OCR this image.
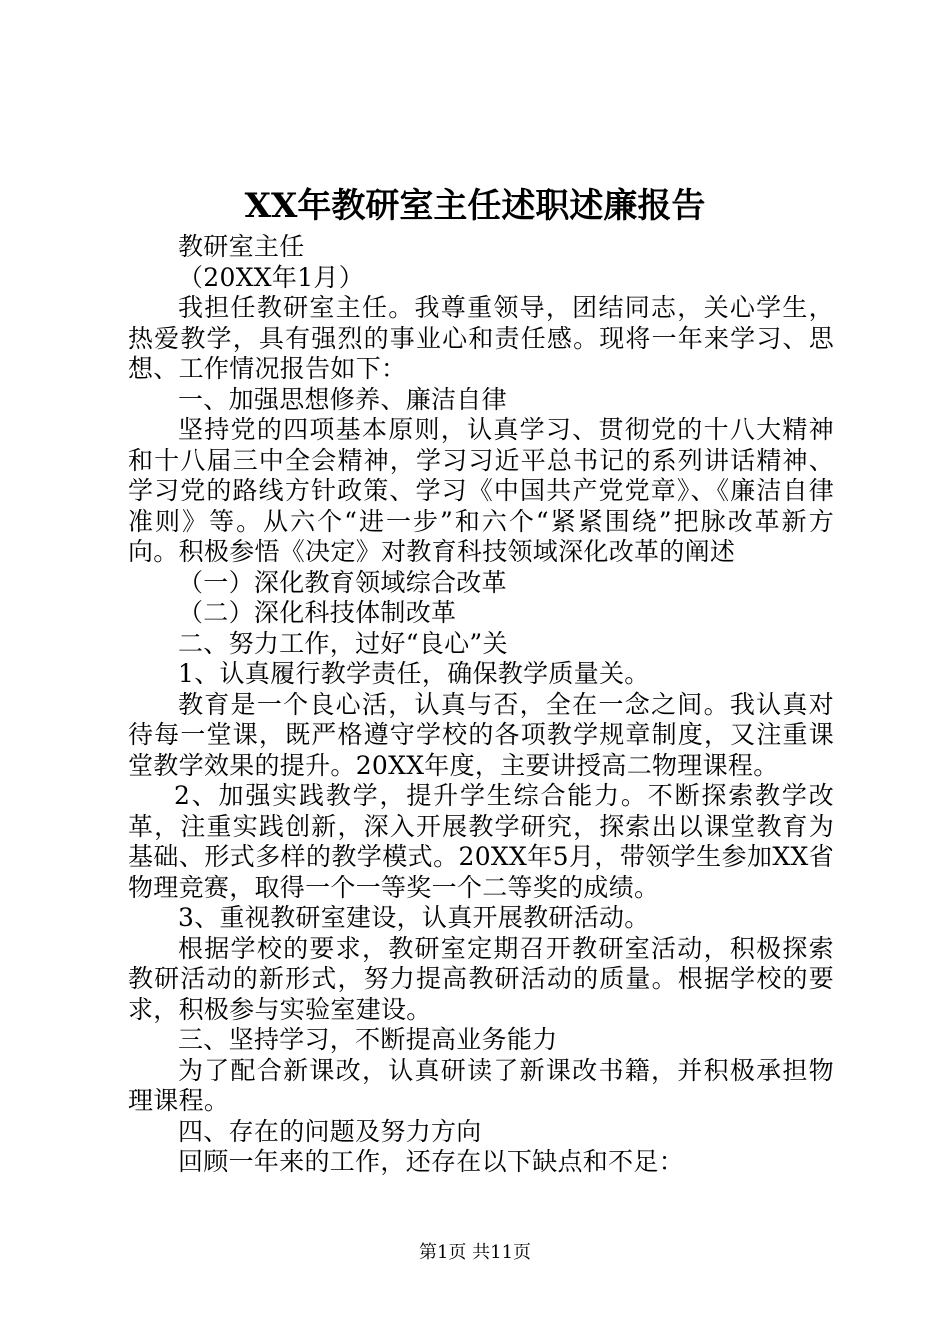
XX年教研室主任述职述廉报告

教研室主任

（20XX年1月）

我担任教研室主任。我尊重领导，团结同志，关心学生，热爱教学，具有强烈的事业心和责任感。现将一年来学习、思想、工作情况报告如下：

一、加强思想修养、廉洁自律

坚持党的四项基本原则，认真学习、贯彻党的十八大精神和十八届三中全会精神，学习习近平总书记的系列讲话精神、学习党的路线方针政策、学习《中国共产党党章》、《廉洁自律准则》等。从六个“进一步”和六个“紧紧围绕”把脉改革新方向。积极参悟《决定》对教育科技领域深化改革的阐述

（一）深化教育领域综合改革

（二）深化科技体制改革

二、努力工作，过好“良心”关

1、认真履行教学责任，确保教学质量关。

教育是一个良心活，认真与否，全在一念之间。我认真对待每一堂课，既严格遵守学校的各项教学规章制度，又注重课堂教学效果的提升。20XX年度，主要讲授高二物理课程。

2、加强实践教学，提升学生综合能力。不断探索教学改革，注重实践创新，深入开展教学研究，探索出以课堂教育为基础、形式多样的教学模式。20XX年5月，带领学生参加XX省物理竞赛，取得一个一等奖一个二等奖的成绩。

3、重视教研室建设，认真开展教研活动。

根据学校的要求，教研室定期召开教研室活动，积极探索教研活动的新形式，努力提高教研活动的质量。根据学校的要求，积极参与实验室建设。

三、坚持学习，不断提高业务能力

为了配合新课改，认真研读了新课改书籍，并积极承担物理课程。

四、存在的问题及努力方向

回顾一年来的工作，还存在以下缺点和不足：

第1页 共11页
